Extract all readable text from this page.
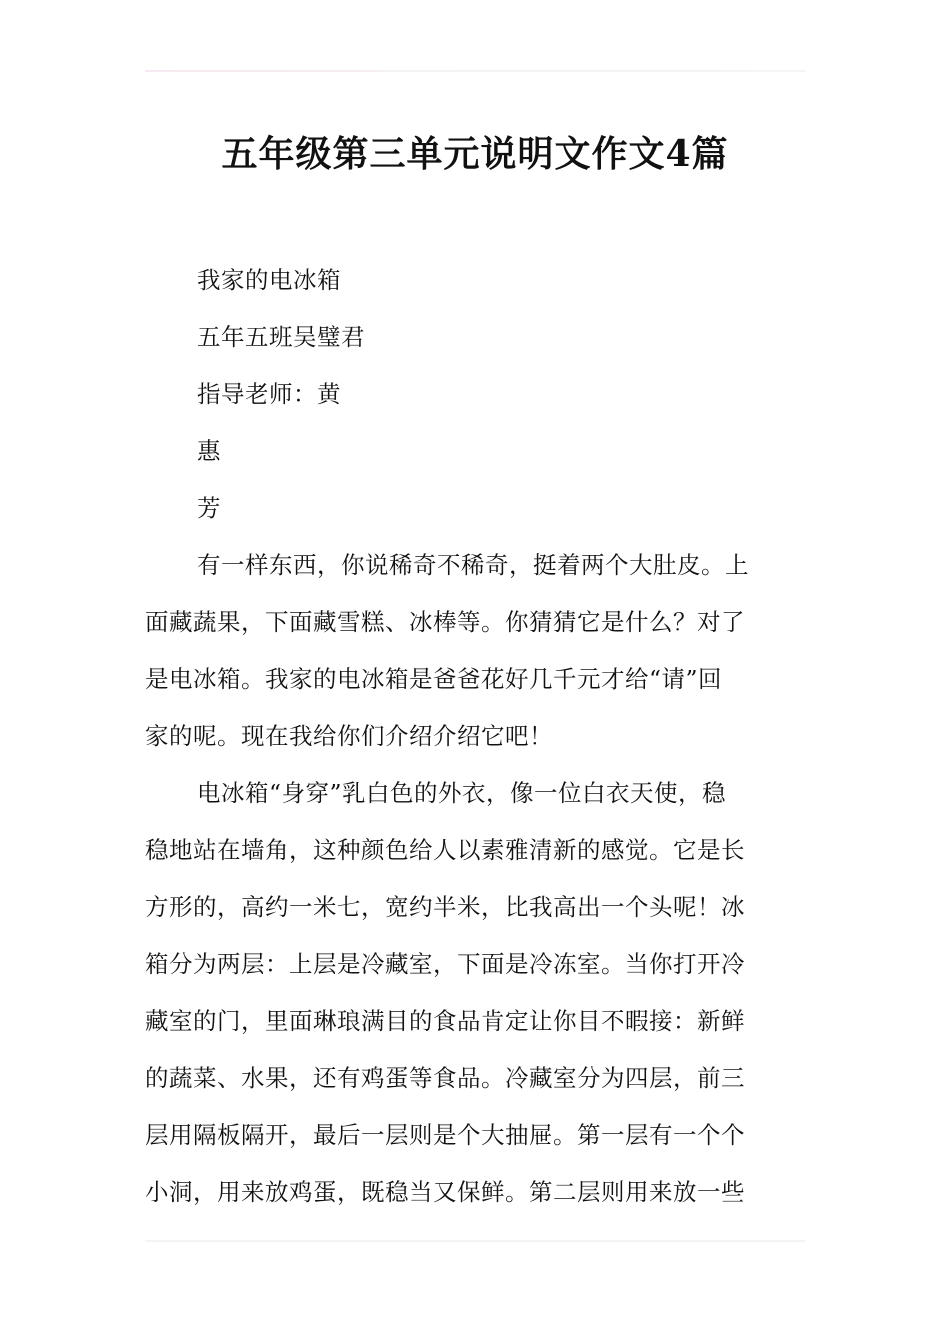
五年级第三单元说明文作文4篇
我家的电冰箱
五年五班吴璧君
指导老师：黄
惠
芳
有一样东西，你说稀奇不稀奇，挺着两个大肚皮。上
面藏蔬果，下面藏雪糕、冰棒等。你猜猜它是什么？对了
是电冰箱。我家的电冰箱是爸爸花好几千元才给“请”回
家的呢。现在我给你们介绍介绍它吧！
电冰箱“身穿”乳白色的外衣，像一位白衣天使，稳
稳地站在墙角，这种颜色给人以素雅清新的感觉。它是长
方形的，高约一米七，宽约半米，比我高出一个头呢！冰
箱分为两层：上层是冷藏室，下面是冷冻室。当你打开冷
藏室的门，里面琳琅满目的食品肯定让你目不暇接：新鲜
的蔬菜、水果，还有鸡蛋等食品。冷藏室分为四层，前三
层用隔板隔开，最后一层则是个大抽屉。第一层有一个个
小洞，用来放鸡蛋，既稳当又保鲜。第二层则用来放一些
